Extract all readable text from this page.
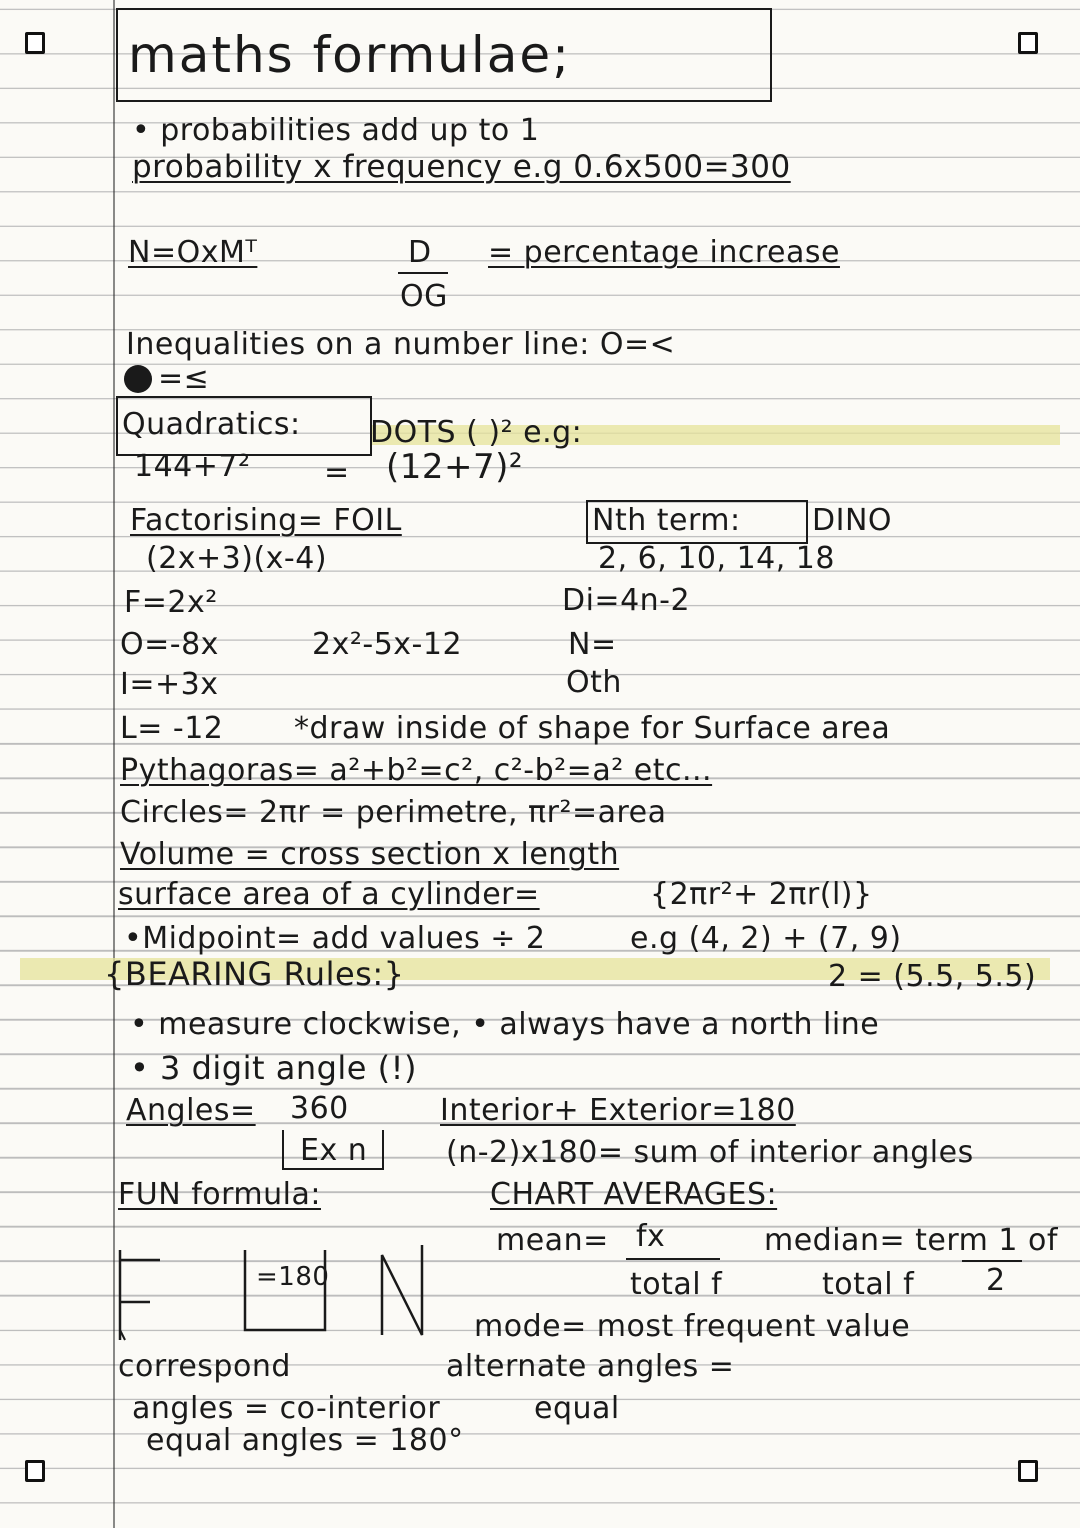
maths formulae;
• probabilities add up to 1
probability x frequency e.g 0.6x500=300
N=OxMᵀ	D
OG
= percentage increase
Inequalities on a number line: O=<
=≤
Quadratics: DOTS ( )² e.g:
144+7² = (12+7)²
Factorising= FOIL	Nth term: DINO
(2x+3)(x-4)	2, 6, 10, 14, 18
F=2x²	Di=4n-2
O=-8x	2x²-5x-12	N=
I=+3x	Oth
L= -12 *draw inside of shape for Surface area
Pythagoras= a²+b²=c², c²-b²=a² etc...
Circles= 2πr = perimetre, πr²=area
Volume = cross section x length
surface area of a cylinder=	{2πr²+ 2πr(l)}
•Midpoint= add values ÷ 2	e.g (4, 2) + (7, 9)
{BEARING Rules:}	2 = (5.5, 5.5)
• measure clockwise, • always have a north line
• 3 digit angle (!)
Angles= 360
Ex n
Interior+ Exterior=180
(n-2)x180= sum of interior angles
FUN formula:	CHART AVERAGES:
mean= fx	median= term 1 of
=180	total f	total f 2
mode= most frequent value
correspond	alternate angles =
angles = co-interior	equal
equal angles = 180°
